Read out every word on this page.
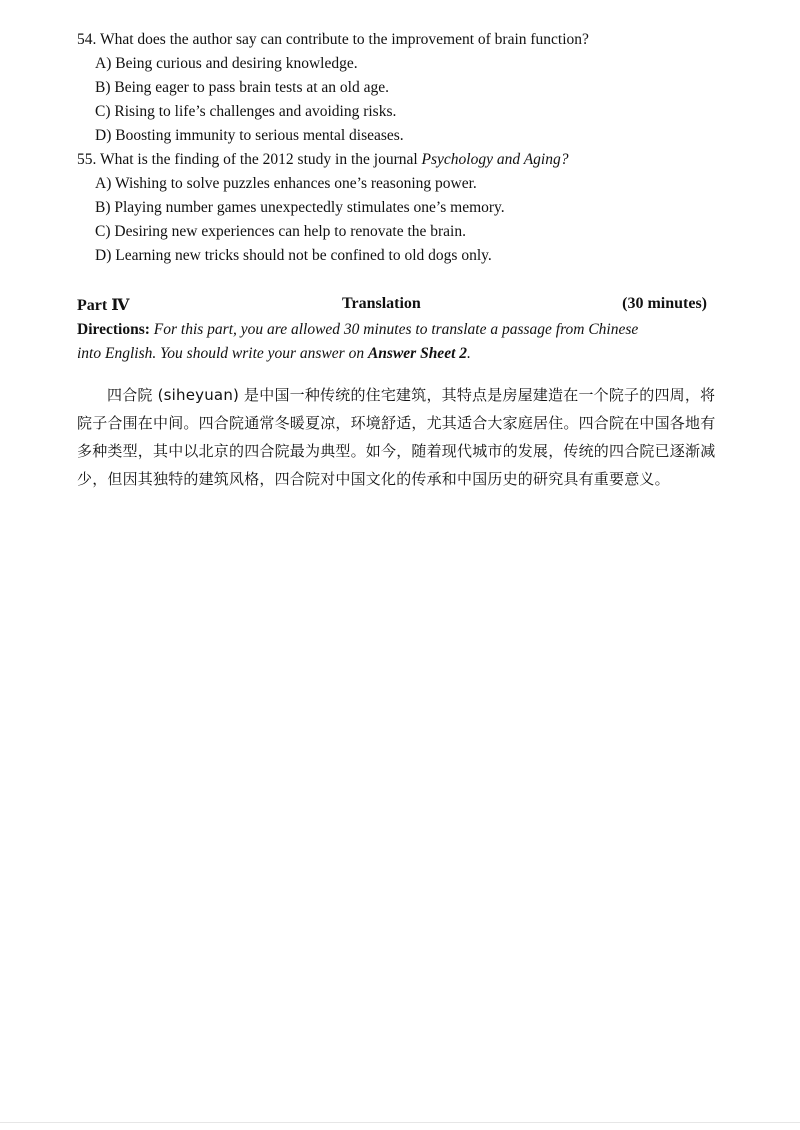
54. What does the author say can contribute to the improvement of brain function?
A) Being curious and desiring knowledge.
B) Being eager to pass brain tests at an old age.
C) Rising to life’s challenges and avoiding risks.
D) Boosting immunity to serious mental diseases.
55. What is the finding of the 2012 study in the journal Psychology and Aging?
A) Wishing to solve puzzles enhances one’s reasoning power.
B) Playing number games unexpectedly stimulates one’s memory.
C) Desiring new experiences can help to renovate the brain.
D) Learning new tricks should not be confined to old dogs only.
Part Ⅳ	Translation	(30 minutes)
Directions: For this part, you are allowed 30 minutes to translate a passage from Chinese
into English. You should write your answer on Answer Sheet 2.
四合院 (siheyuan) 是中国一种传统的住宅建筑，其特点是房屋建造在一个院子的四周，将院子合围在中间。四合院通常冬暖夏凉，环境舒适，尤其适合大家庭居住。四合院在中国各地有多种类型，其中以北京的四合院最为典型。如今，随着现代城市的发展，传统的四合院已逐渐减少，但因其独特的建筑风格，四合院对中国文化的传承和中国历史的研究具有重要意义。
